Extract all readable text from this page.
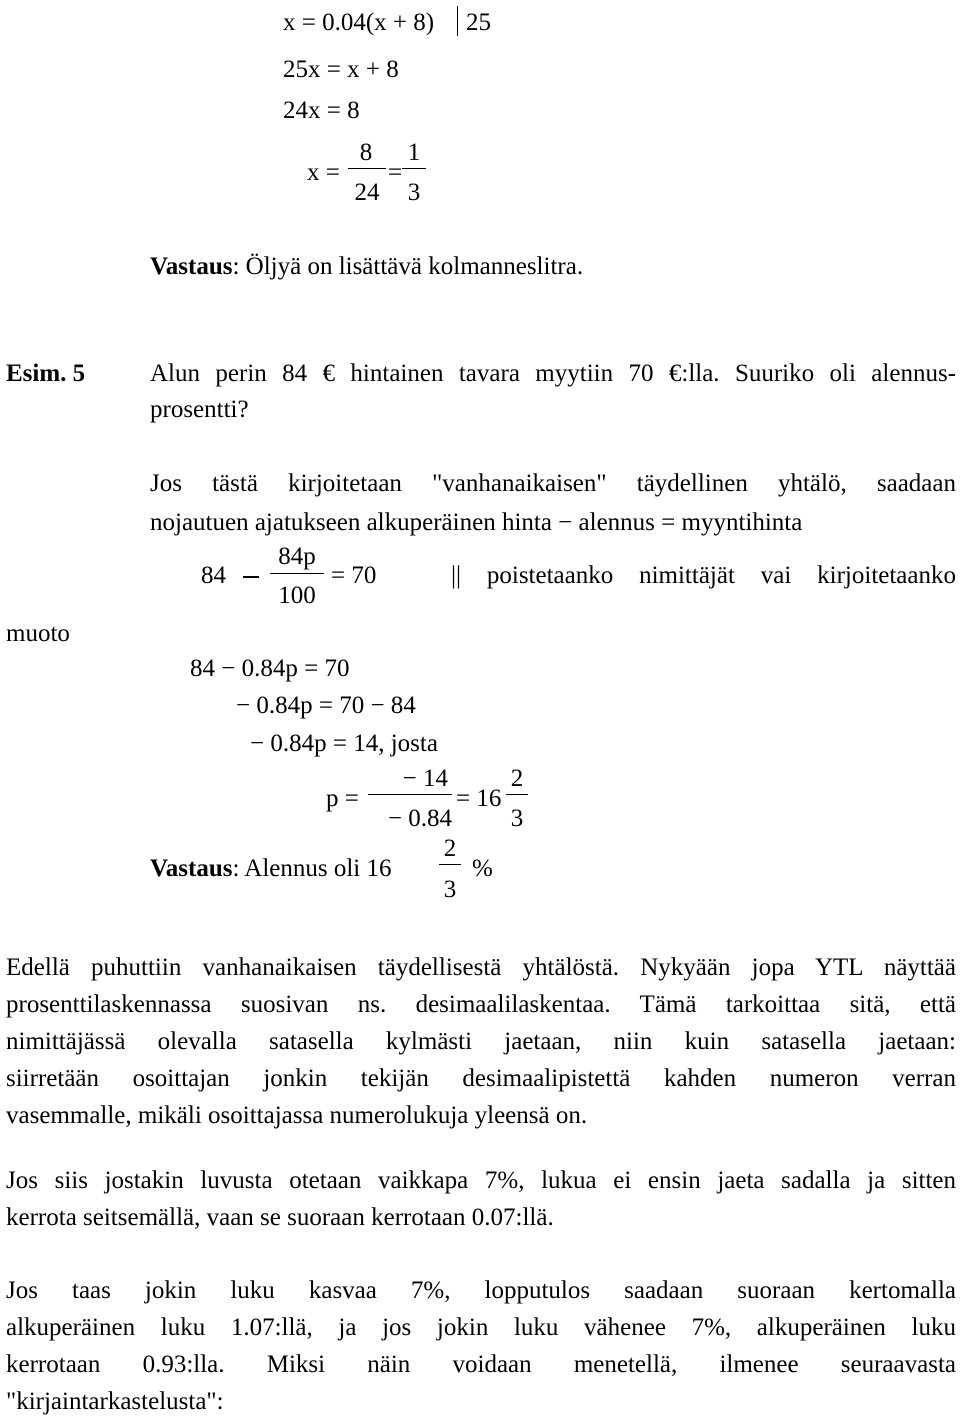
x = 0.04(x + 8) 25
25x = x + 8
24x = 8
x =
8
24
=
1
3
Vastaus: Öljyä on lisättävä kolmanneslitra.
Esim. 5	Alun perin 84 € hintainen tavara myytiin 70 €:lla. Suuriko oli alennus-
prosentti?
Jos tästä kirjoitetaan "vanhanaikaisen" täydellinen yhtälö, saadaan
nojautuen ajatukseen alkuperäinen hinta − alennus = myyntihinta
84
84p
100
= 70	|| poistetaanko nimittäjät vai kirjoitetaanko
muoto
84 − 0.84p = 70
− 0.84p = 70 − 84
− 0.84p = 14, josta
p =
− 14
− 0.84
= 16
2
3
Vastaus: Alennus oli 16
2
3
%
Edellä puhuttiin vanhanaikaisen täydellisestä yhtälöstä. Nykyään jopa YTL näyttää
prosenttilaskennassa suosivan ns. desimaalilaskentaa. Tämä tarkoittaa sitä, että
nimittäjässä olevalla satasella kylmästi jaetaan, niin kuin satasella jaetaan:
siirretään osoittajan jonkin tekijän desimaalipistettä kahden numeron verran
vasemmalle, mikäli osoittajassa numerolukuja yleensä on.
Jos siis jostakin luvusta otetaan vaikkapa 7%, lukua ei ensin jaeta sadalla ja sitten
kerrota seitsemällä, vaan se suoraan kerrotaan 0.07:llä.
Jos taas jokin luku kasvaa 7%, lopputulos saadaan suoraan kertomalla
alkuperäinen luku 1.07:llä, ja jos jokin luku vähenee 7%, alkuperäinen luku
kerrotaan 0.93:lla. Miksi näin voidaan menetellä, ilmenee seuraavasta
"kirjaintarkastelusta":
